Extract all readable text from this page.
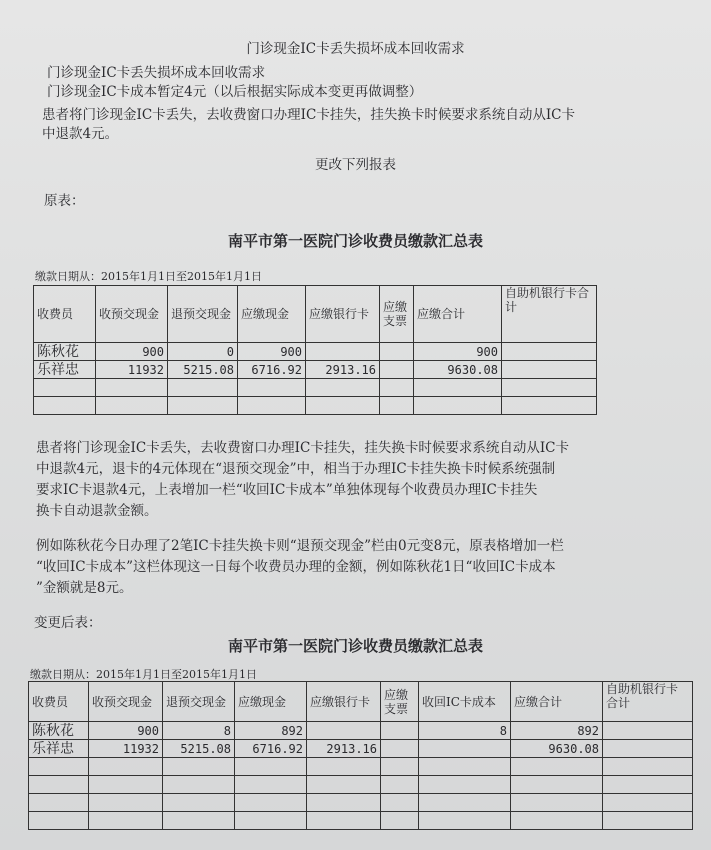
门诊现金IC卡丢失损坏成本回收需求
门诊现金IC卡丢失损坏成本回收需求
门诊现金IC卡成本暂定4元（以后根据实际成本变更再做调整）
患者将门诊现金IC卡丢失，去收费窗口办理IC卡挂失，挂失换卡时候要求系统自动从IC卡
中退款4元。
更改下列报表
原表：
南平市第一医院门诊收费员缴款汇总表
缴款日期从：2015年1月1日至2015年1月1日
收费员	收预交现金	退预交现金	应缴现金	应缴银行卡	应缴支票	应缴合计	自助机银行卡合计
陈秋花	900	0	900			900	
乐祥忠	11932	5215.08	6716.92	2913.16		9630.08	

患者将门诊现金IC卡丢失，去收费窗口办理IC卡挂失，挂失换卡时候要求系统自动从IC卡
中退款4元，退卡的4元体现在“退预交现金”中，相当于办理IC卡挂失换卡时候系统强制
要求IC卡退款4元，上表增加一栏“收回IC卡成本”单独体现每个收费员办理IC卡挂失
换卡自动退款金额。
例如陈秋花今日办理了2笔IC卡挂失换卡则“退预交现金”栏由0元变8元，原表格增加一栏
“收回IC卡成本”这栏体现这一日每个收费员办理的金额，例如陈秋花1日“收回IC卡成本
”金额就是8元。
变更后表：
南平市第一医院门诊收费员缴款汇总表
缴款日期从：2015年1月1日至2015年1月1日
收费员	收预交现金	退预交现金	应缴现金	应缴银行卡	应缴支票	收回IC卡成本	应缴合计	自助机银行卡合计
陈秋花	900	8	892			8	892	
乐祥忠	11932	5215.08	6716.92	2913.16			9630.08	
